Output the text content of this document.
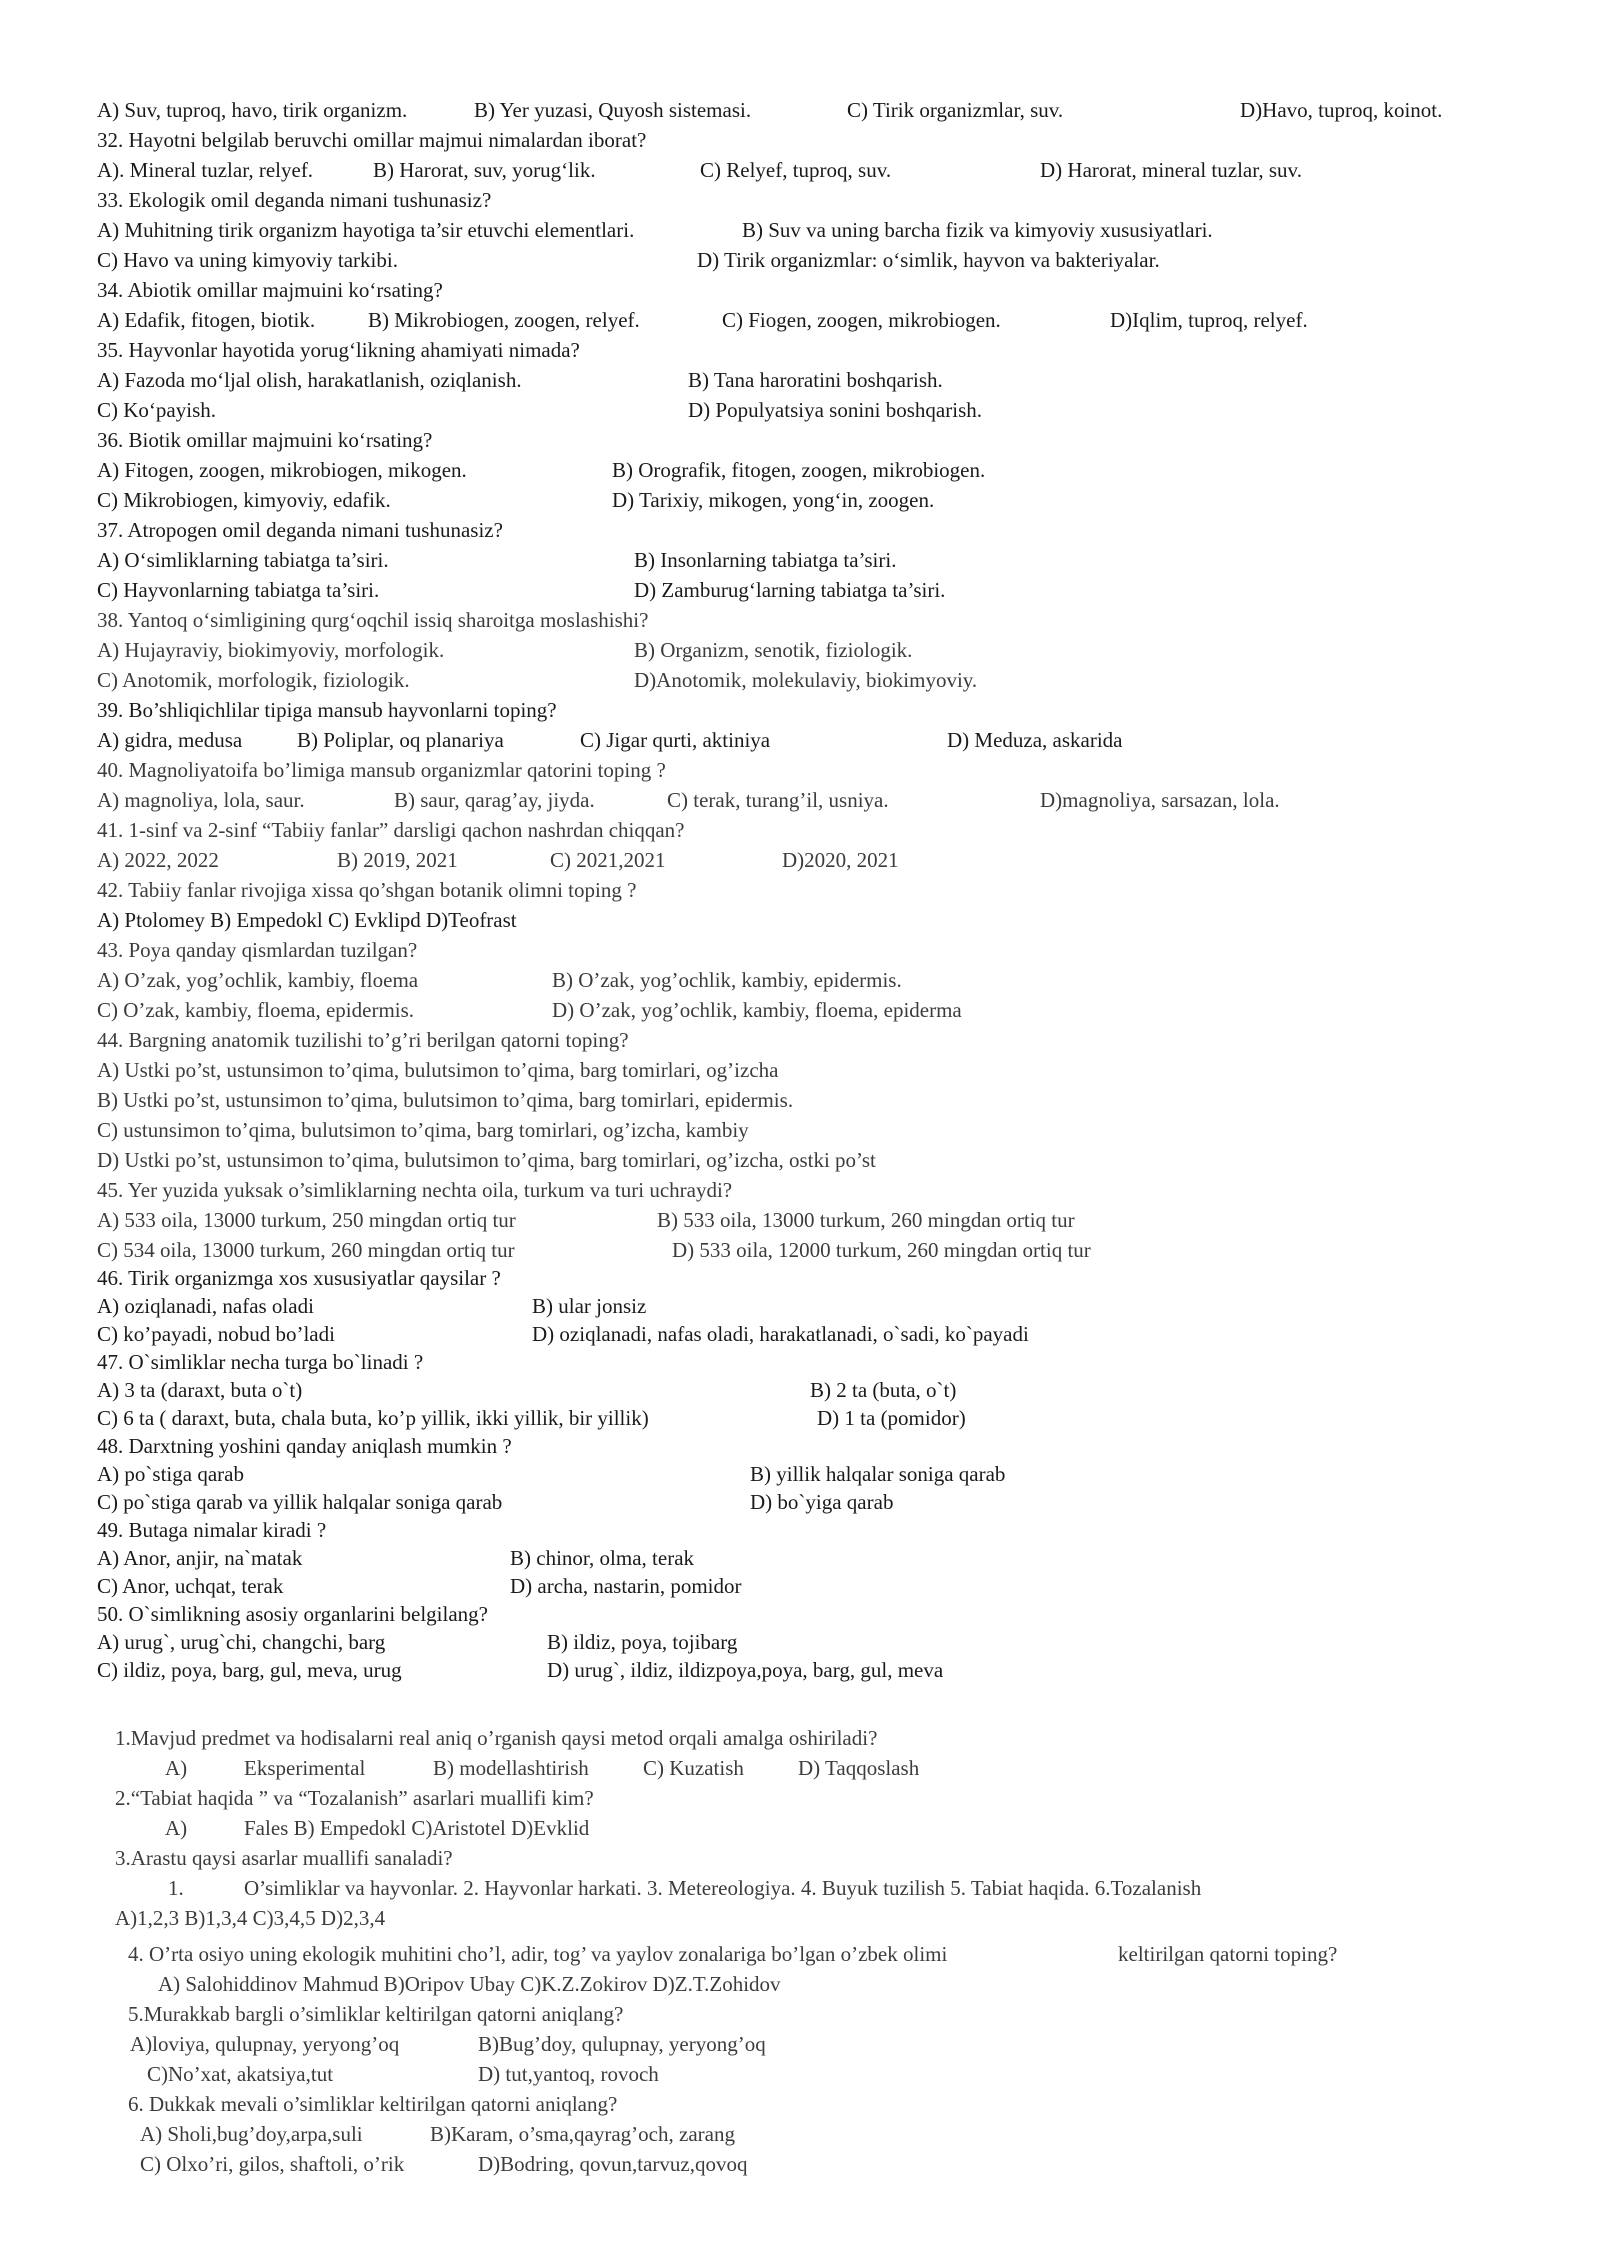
A) Suv, tuproq, havo, tirik organizm.	B) Yer yuzasi, Quyosh sistemasi.	C) Tirik organizmlar, suv.	D)Havo, tuproq, koinot.
32. Hayotni belgilab beruvchi omillar majmui nimalardan iborat?
A). Mineral tuzlar, relyef.	B) Harorat, suv, yorug‘lik.	C) Relyef, tuproq, suv.	D) Harorat, mineral tuzlar, suv.
33. Ekologik omil deganda nimani tushunasiz?
A) Muhitning tirik organizm hayotiga ta’sir etuvchi elementlari.	B) Suv va uning barcha fizik va kimyoviy xususiyatlari.
C) Havo va uning kimyoviy tarkibi.	D) Tirik organizmlar: o‘simlik, hayvon va bakteriyalar.
34. Abiotik omillar majmuini ko‘rsating?
A) Edafik, fitogen, biotik.	B) Mikrobiogen, zoogen, relyef.	C) Fiogen, zoogen, mikrobiogen.	D)Iqlim, tuproq, relyef.
35. Hayvonlar hayotida yorug‘likning ahamiyati nimada?
A) Fazoda mo‘ljal olish, harakatlanish, oziqlanish.	B) Tana haroratini boshqarish.
C) Ko‘payish.	D) Populyatsiya sonini boshqarish.
36. Biotik omillar majmuini ko‘rsating?
A) Fitogen, zoogen, mikrobiogen, mikogen.	B) Orografik, fitogen, zoogen, mikrobiogen.
C) Mikrobiogen, kimyoviy, edafik.	D) Tarixiy, mikogen, yong‘in, zoogen.
37. Atropogen omil deganda nimani tushunasiz?
A) O‘simliklarning tabiatga ta’siri.	B) Insonlarning tabiatga ta’siri.
C) Hayvonlarning tabiatga ta’siri.	D) Zamburug‘larning tabiatga ta’siri.
38. Yantoq o‘simligining qurg‘oqchil issiq sharoitga moslashishi?
A) Hujayraviy, biokimyoviy, morfologik.	B) Organizm, senotik, fiziologik.
C) Anotomik, morfologik, fiziologik.	D)Anotomik, molekulaviy, biokimyoviy.
39. Bo’shliqichlilar tipiga mansub hayvonlarni toping?
A) gidra, medusa	B) Poliplar, oq planariya	C) Jigar qurti, aktiniya	D) Meduza, askarida
40. Magnoliyatoifa bo’limiga mansub organizmlar qatorini toping ?
A) magnoliya, lola, saur.	B) saur, qarag’ay, jiyda.	C) terak, turang’il, usniya.	D)magnoliya, sarsazan, lola.
41. 1-sinf va 2-sinf “Tabiiy fanlar” darsligi qachon nashrdan chiqqan?
A) 2022, 2022	B) 2019, 2021	C) 2021,2021	D)2020, 2021
42. Tabiiy fanlar rivojiga xissa qo’shgan botanik olimni toping ?
A) Ptolomey B) Empedokl C) Evklipd D)Teofrast
43. Poya qanday qismlardan tuzilgan?
A) O’zak, yog’ochlik, kambiy, floema	B) O’zak, yog’ochlik, kambiy, epidermis.
C) O’zak, kambiy, floema, epidermis.	D) O’zak, yog’ochlik, kambiy, floema, epiderma
44. Bargning anatomik tuzilishi to’g’ri berilgan qatorni toping?
A) Ustki po’st, ustunsimon to’qima, bulutsimon to’qima, barg tomirlari, og’izcha
B) Ustki po’st, ustunsimon to’qima, bulutsimon to’qima, barg tomirlari, epidermis.
C) ustunsimon to’qima, bulutsimon to’qima, barg tomirlari, og’izcha, kambiy
D) Ustki po’st, ustunsimon to’qima, bulutsimon to’qima, barg tomirlari, og’izcha, ostki po’st
45. Yer yuzida yuksak o’simliklarning nechta oila, turkum va turi uchraydi?
A) 533 oila, 13000 turkum, 250 mingdan ortiq tur	B) 533 oila, 13000 turkum, 260 mingdan ortiq tur
C) 534 oila, 13000 turkum, 260 mingdan ortiq tur	D) 533 oila, 12000 turkum, 260 mingdan ortiq tur
46. Tirik organizmga xos xususiyatlar qaysilar ?
A) oziqlanadi, nafas oladi	B) ular jonsiz
C) ko’payadi, nobud bo’ladi	D) oziqlanadi, nafas oladi, harakatlanadi, o`sadi, ko`payadi
47. O`simliklar necha turga bo`linadi ?
A) 3 ta (daraxt, buta o`t)	B) 2 ta (buta, o`t)
C) 6 ta ( daraxt, buta, chala buta, ko’p yillik, ikki yillik, bir yillik)	D) 1 ta (pomidor)
48. Darxtning yoshini qanday aniqlash mumkin ?
A) po`stiga qarab	B) yillik halqalar soniga qarab
C) po`stiga qarab va yillik halqalar soniga qarab	D) bo`yiga qarab
49. Butaga nimalar kiradi ?
A) Anor, anjir, na`matak	B) chinor, olma, terak
C) Anor, uchqat, terak	D) archa, nastarin, pomidor
50. O`simlikning asosiy organlarini belgilang?
A) urug`, urug`chi, changchi, barg	B) ildiz, poya, tojibarg
C) ildiz, poya, barg, gul, meva, urug	D) urug`, ildiz, ildizpoya,poya, barg, gul, meva
1.Mavjud predmet va hodisalarni real aniq o’rganish qaysi metod orqali amalga oshiriladi?
A)	Eksperimental	B) modellashtirish	C) Kuzatish	D) Taqqoslash
2.“Tabiat haqida ” va “Tozalanish” asarlari muallifi kim?
A)	Fales B) Empedokl C)Aristotel D)Evklid
3.Arastu qaysi asarlar muallifi sanaladi?
1.	O’simliklar va hayvonlar. 2. Hayvonlar harkati. 3. Metereologiya. 4. Buyuk tuzilish 5. Tabiat haqida. 6.Tozalanish
A)1,2,3 B)1,3,4 C)3,4,5 D)2,3,4
4. O’rta osiyo uning ekologik muhitini cho’l, adir, tog’ va yaylov zonalariga bo’lgan o’zbek olimi	keltirilgan qatorni toping?
A) Salohiddinov Mahmud B)Oripov Ubay C)K.Z.Zokirov D)Z.T.Zohidov
5.Murakkab bargli o’simliklar keltirilgan qatorni aniqlang?
A)loviya, qulupnay, yeryong’oq	B)Bug’doy, qulupnay, yeryong’oq
C)No’xat, akatsiya,tut	D) tut,yantoq, rovoch
6. Dukkak mevali o’simliklar keltirilgan qatorni aniqlang?
A) Sholi,bug’doy,arpa,suli	B)Karam, o’sma,qayrag’och, zarang
C) Olxo’ri, gilos, shaftoli, o’rik	D)Bodring, qovun,tarvuz,qovoq
